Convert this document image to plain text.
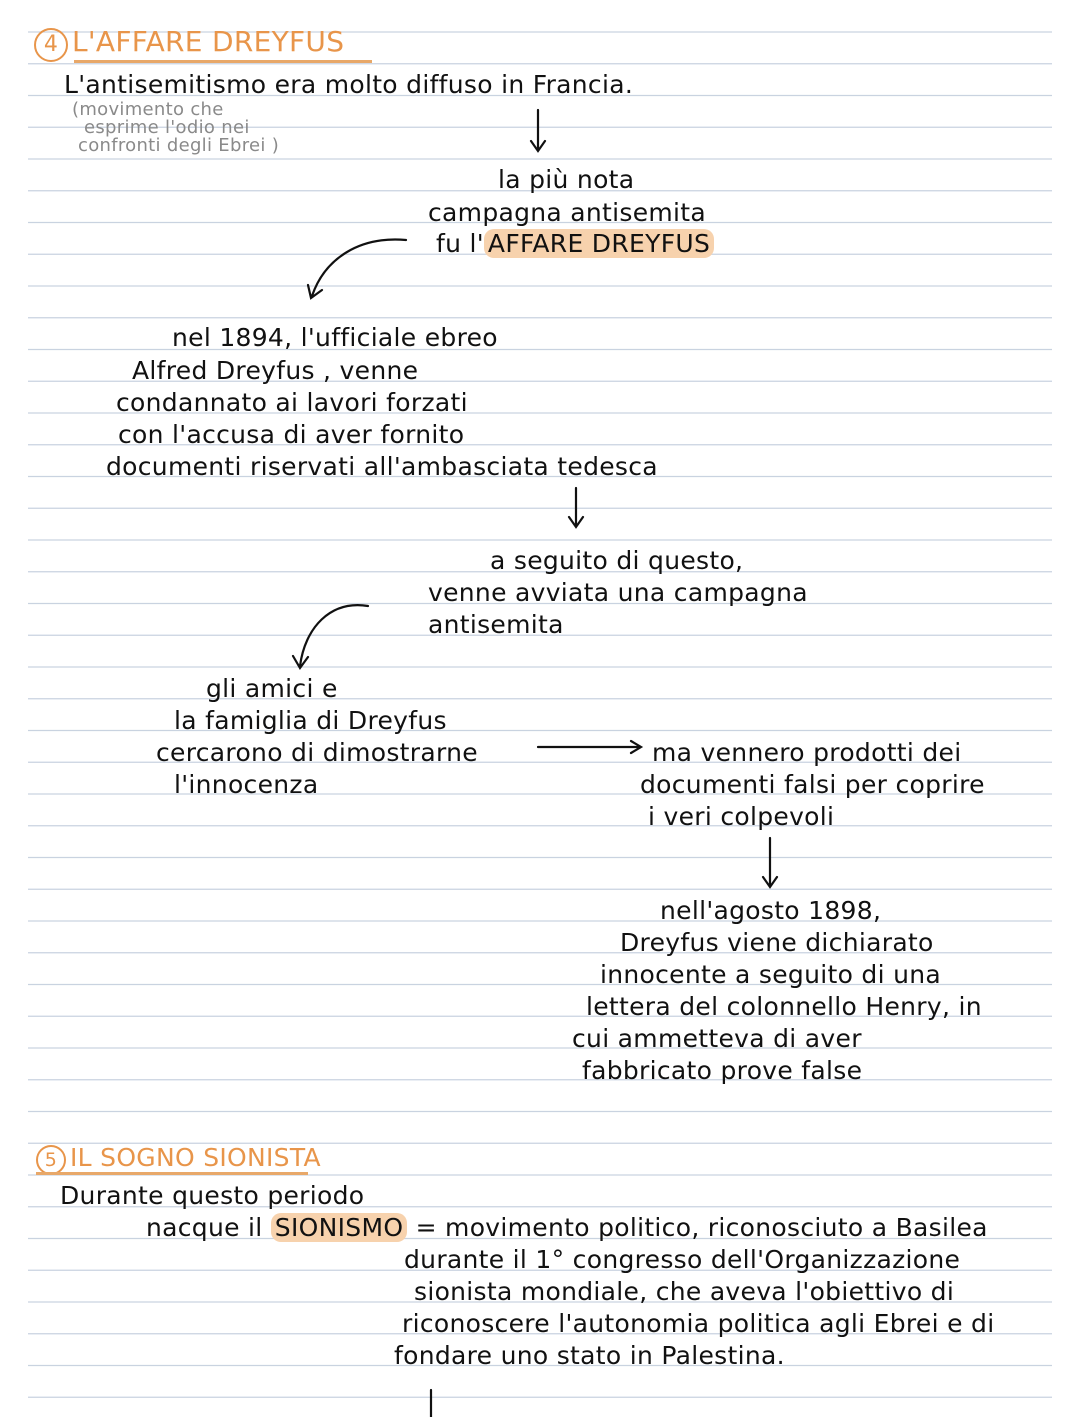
4 L'AFFARE DREYFUS
L'antisemitismo era molto diffuso in Francia.
(movimento che
esprime l'odio nei
confronti degli Ebrei )
la più nota
campagna antisemita
fu l' AFFARE DREYFUS
nel 1894, l'ufficiale ebreo
Alfred Dreyfus , venne
condannato ai lavori forzati
con l'accusa di aver fornito
documenti riservati all'ambasciata tedesca
a seguito di questo,
venne avviata una campagna
antisemita
gli amici e
la famiglia di Dreyfus
cercarono di dimostrarne
l'innocenza
ma vennero prodotti dei
documenti falsi per coprire
i veri colpevoli
nell'agosto 1898,
Dreyfus viene dichiarato
innocente a seguito di una
lettera del colonnello Henry, in
cui ammetteva di aver
fabbricato prove false
5 IL SOGNO SIONISTA
Durante questo periodo
nacque il SIONISMO = movimento politico, riconosciuto a Basilea
durante il 1° congresso dell'Organizzazione
sionista mondiale, che aveva l'obiettivo di
riconoscere l'autonomia politica agli Ebrei e di
fondare uno stato in Palestina.
